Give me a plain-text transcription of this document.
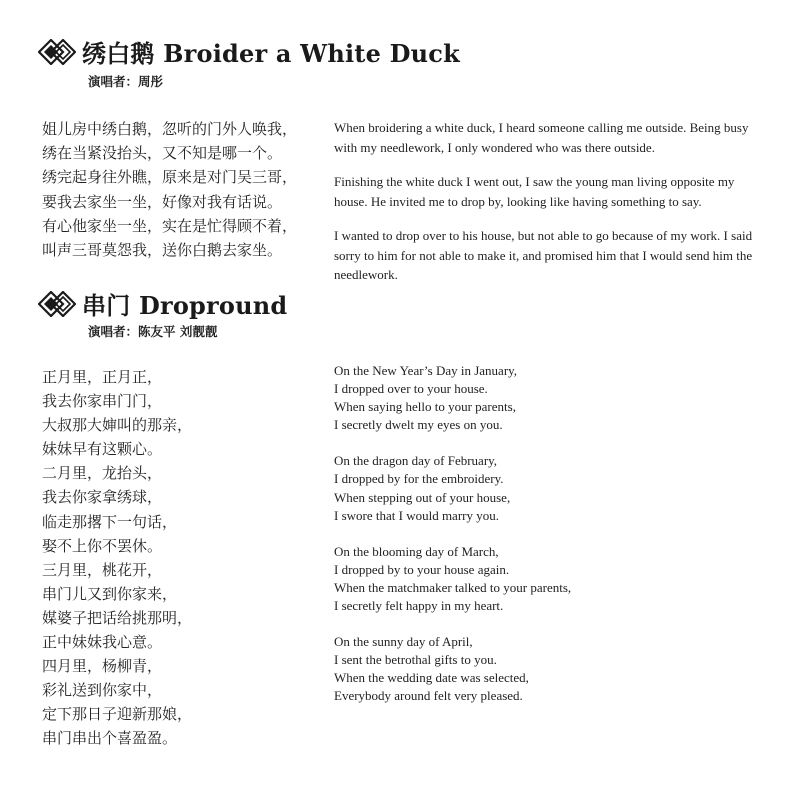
绣白鹅 Broider a White Duck
演唱者：周彤
姐儿房中绣白鹅，忽听的门外人唤我，
绣在当紧没抬头，又不知是哪一个。
绣完起身往外瞧，原来是对门吴三哥，
要我去家坐一坐，好像对我有话说。
有心他家坐一坐，实在是忙得顾不着，
叫声三哥莫怨我，送你白鹅去家坐。
When broidering a white duck, I heard someone calling me outside. Being busy
with my needlework, I only wondered who was there outside.
Finishing the white duck I went out, I saw the young man living opposite my
house. He invited me to drop by, looking like having something to say.
I wanted to drop over to his house, but not able to go because of my work. I said
sorry to him for not able to make it, and promised him that I would send him the
needlework.
串门 Dropround
演唱者：陈友平 刘靓靓
正月里，正月正，
我去你家串门门，
大叔那大婶叫的那亲，
妹妹早有这颗心。
二月里，龙抬头，
我去你家拿绣球，
临走那撂下一句话，
娶不上你不罢休。
三月里，桃花开，
串门儿又到你家来，
媒婆子把话给挑那明，
正中妹妹我心意。
四月里，杨柳青，
彩礼送到你家中，
定下那日子迎新那娘，
串门串出个喜盈盈。
On the New Year’s Day in January,
I dropped over to your house.
When saying hello to your parents,
I secretly dwelt my eyes on you.
On the dragon day of February,
I dropped by for the embroidery.
When stepping out of your house,
I swore that I would marry you.
On the blooming day of March,
I dropped by to your house again.
When the matchmaker talked to your parents,
I secretly felt happy in my heart.
On the sunny day of April,
I sent the betrothal gifts to you.
When the wedding date was selected,
Everybody around felt very pleased.
